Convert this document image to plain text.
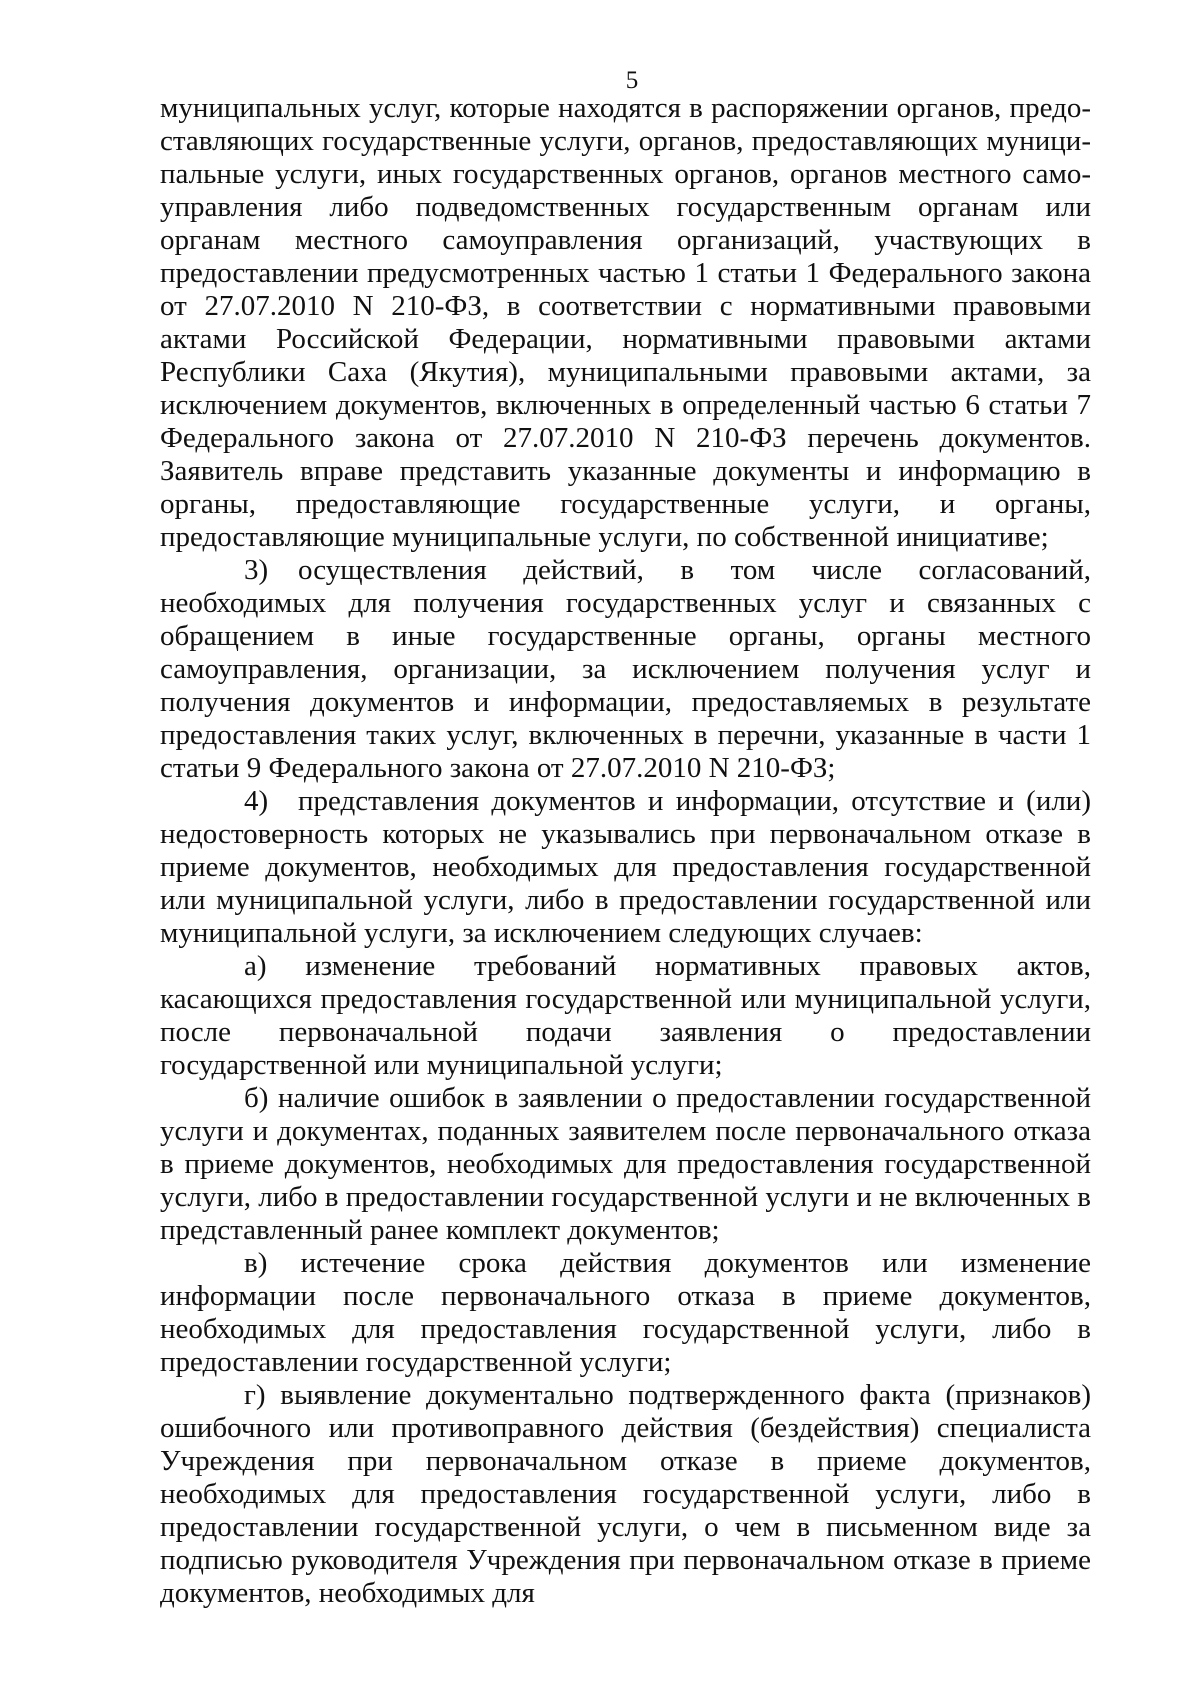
5

муниципальных услуг, которые находятся в распоряжении органов, предоставляющих государственные услуги, органов, предоставляющих муниципальные услуги, иных государственных органов, органов местного самоуправления либо подведомственных государственным органам или органам местного самоуправления организаций, участвующих в предоставлении предусмотренных частью 1 статьи 1 Федерального закона от 27.07.2010 N 210-ФЗ, в соответствии с нормативными правовыми актами Российской Федерации, нормативными правовыми актами Республики Саха (Якутия), муниципальными правовыми актами, за исключением документов, включенных в определенный частью 6 статьи 7 Федерального закона от 27.07.2010 N 210-ФЗ перечень документов. Заявитель вправе представить указанные документы и информацию в органы, предоставляющие государственные услуги, и органы, предоставляющие муниципальные услуги, по собственной инициативе;

3) осуществления действий, в том числе согласований, необходимых для получения государственных услуг и связанных с обращением в иные государственные органы, органы местного самоуправления, организации, за исключением получения услуг и получения документов и информации, предоставляемых в результате предоставления таких услуг, включенных в перечни, указанные в части 1 статьи 9 Федерального закона от 27.07.2010 N 210-ФЗ;

4) представления документов и информации, отсутствие и (или) недостоверность которых не указывались при первоначальном отказе в приеме документов, необходимых для предоставления государственной или муниципальной услуги, либо в предоставлении государственной или муниципальной услуги, за исключением следующих случаев:

а) изменение требований нормативных правовых актов, касающихся предоставления государственной или муниципальной услуги, после первоначальной подачи заявления о предоставлении государственной или муниципальной услуги;

б) наличие ошибок в заявлении о предоставлении государственной услуги и документах, поданных заявителем после первоначального отказа в приеме документов, необходимых для предоставления государственной услуги, либо в предоставлении государственной услуги и не включенных в представленный ранее комплект документов;

в) истечение срока действия документов или изменение информации после первоначального отказа в приеме документов, необходимых для предоставления государственной услуги, либо в предоставлении государственной услуги;

г) выявление документально подтвержденного факта (признаков) ошибочного или противоправного действия (бездействия) специалиста Учреждения при первоначальном отказе в приеме документов, необходимых для предоставления государственной услуги, либо в предоставлении государственной услуги, о чем в письменном виде за подписью руководителя Учреждения при первоначальном отказе в приеме документов, необходимых для
